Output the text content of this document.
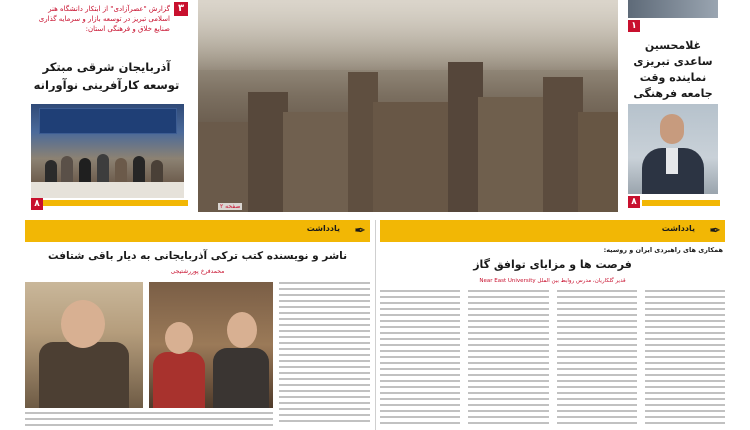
۳
گزارش "عصرآزادی" از ابتکار دانشگاه هنر اسلامی تبریز در توسعه بازار و سرمایه گذاری صنایع خلاق و فرهنگی استان:
آذربایجان شرقی مبتکر توسعه کارآفرینی نوآورانه
۸	صفحه ۲
۱
غلامحسین ساعدی تبریزی نماینده وقت جامعه فرهنگی
۸
✒
یادداشت
ناشر و نویسنده کتب ترکی آذربایجانی به دیار باقی شتافت
محمدفرخ پوررشتیجی
✒
یادداشت
همکاری های راهبردی ایران و روسیه:
فرصت ها و مزایای توافق گاز
قدیر گلکاریان، مدرس روابط بین الملل Near East University
